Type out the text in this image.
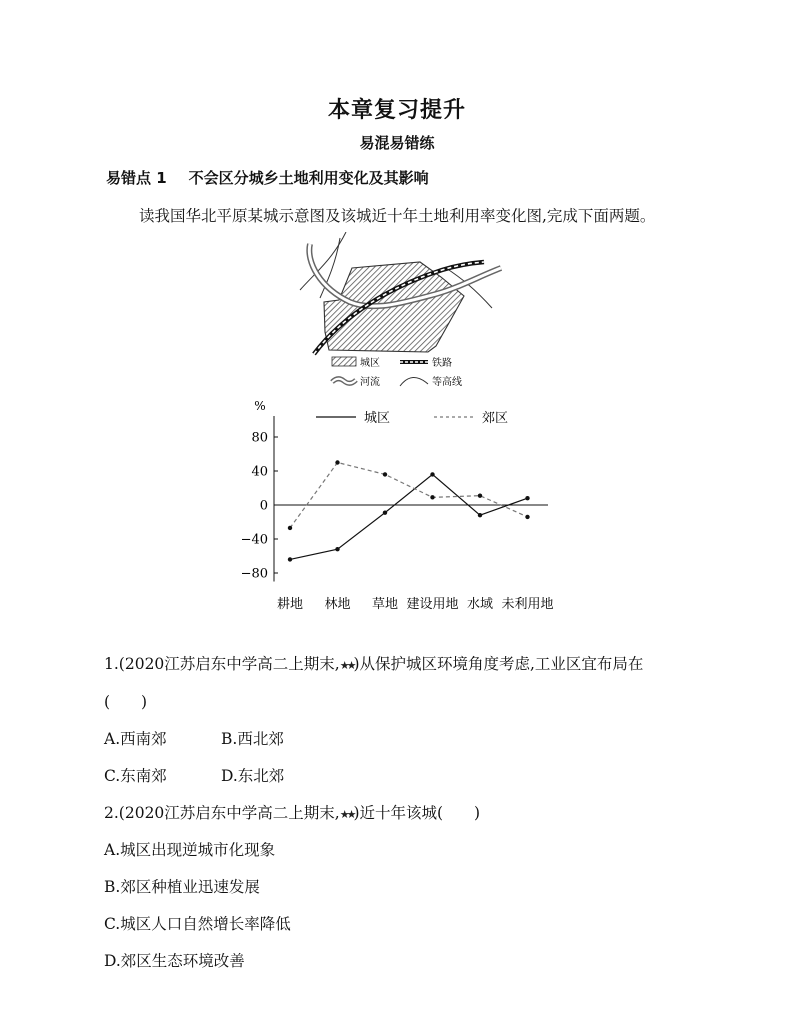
本章复习提升
易混易错练
易错点 1 不会区分城乡土地利用变化及其影响
读我国华北平原某城示意图及该城近十年土地利用率变化图,完成下面两题。
城区	铁路
河流	等高线
城区	郊区
%
80
40
0
−40
−80
耕地 林地 草地 建设用地 水域 未利用地
1.(2020江苏启东中学高二上期末,★★)从保护城区环境角度考虑,工业区宜布局在
(　　)
A.西南郊	B.西北郊
C.东南郊	D.东北郊
2.(2020江苏启东中学高二上期末,★★)近十年该城(　　)
A.城区出现逆城市化现象
B.郊区种植业迅速发展
C.城区人口自然增长率降低
D.郊区生态环境改善
